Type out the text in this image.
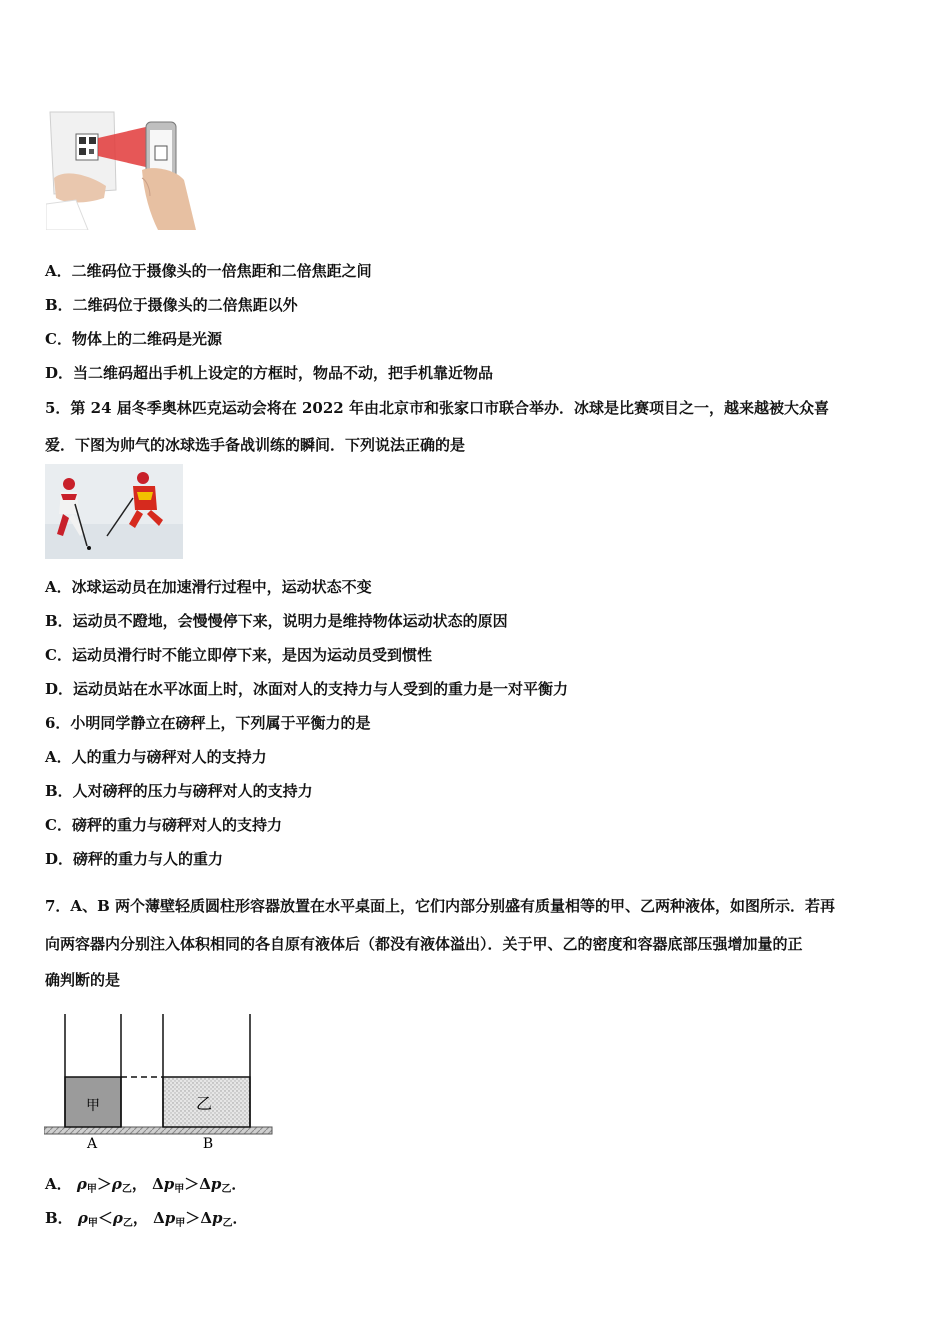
A．二维码位于摄像头的一倍焦距和二倍焦距之间
B．二维码位于摄像头的二倍焦距以外
C．物体上的二维码是光源
D．当二维码超出手机上设定的方框时，物品不动，把手机靠近物品
5．第 24 届冬季奥林匹克运动会将在 2022 年由北京市和张家口市联合举办．冰球是比赛项目之一，越来越被大众喜
爱．下图为帅气的冰球选手备战训练的瞬间．下列说法正确的是
A．冰球运动员在加速滑行过程中，运动状态不变
B．运动员不蹬地，会慢慢停下来，说明力是维持物体运动状态的原因
C．运动员滑行时不能立即停下来，是因为运动员受到惯性
D．运动员站在水平冰面上时，冰面对人的支持力与人受到的重力是一对平衡力
6．小明同学静立在磅秤上，下列属于平衡力的是
A．人的重力与磅秤对人的支持力
B．人对磅秤的压力与磅秤对人的支持力
C．磅秤的重力与磅秤对人的支持力
D．磅秤的重力与人的重力
7．A、B 两个薄壁轻质圆柱形容器放置在水平桌面上，它们内部分别盛有质量相等的甲、乙两种液体，如图所示．若再
向两容器内分别注入体积相同的各自原有液体后（都没有液体溢出）．关于甲、乙的密度和容器底部压强增加量的正
确判断的是
甲	乙
A	B
A． $\rho_甲>\rho_乙$， $\Delta p_甲>\Delta p_乙$．
B． $\rho_甲<\rho_乙$， $\Delta p_甲>\Delta p_乙$．
